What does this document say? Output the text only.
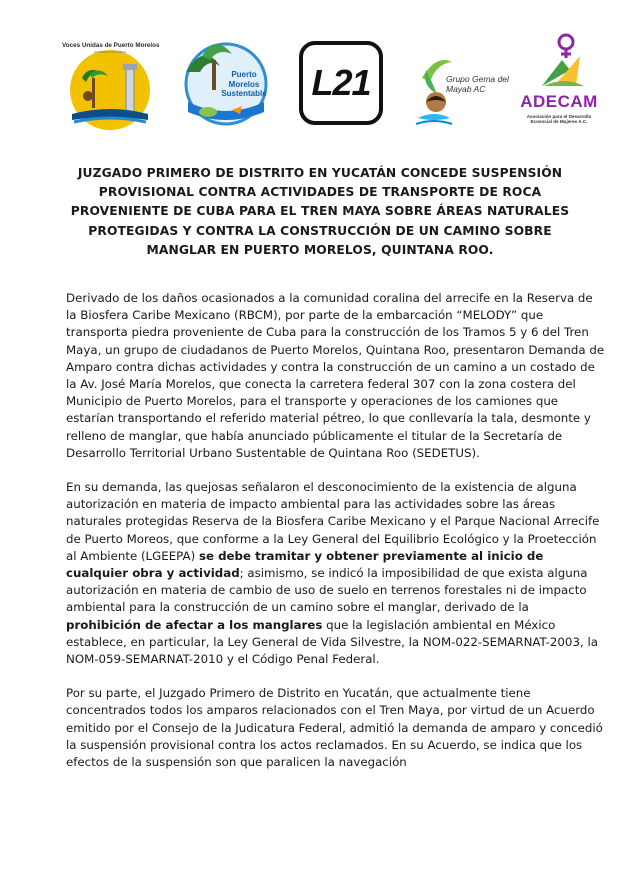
Voces Unidas de Puerto Morelos
Asociación Ciudadana
Puerto Morelos Sustentable	L21	Grupo Gema del Mayab AC
ADECAM
Asociación para el Desarrollo Ecosocial de Mujeres A.C.
JUZGADO PRIMERO DE DISTRITO EN YUCATÁN CONCEDE SUSPENSIÓN PROVISIONAL CONTRA ACTIVIDADES DE TRANSPORTE DE ROCA PROVENIENTE DE CUBA PARA EL TREN MAYA SOBRE ÁREAS NATURALES PROTEGIDAS Y CONTRA LA CONSTRUCCIÓN DE UN CAMINO SOBRE MANGLAR EN PUERTO MORELOS, QUINTANA ROO.

Derivado de los daños ocasionados a la comunidad coralina del arrecife en la Reserva de la Biosfera Caribe Mexicano (RBCM), por parte de la embarcación “MELODY” que transporta piedra proveniente de Cuba para la construcción de los Tramos 5 y 6 del Tren Maya, un grupo de ciudadanos de Puerto Morelos, Quintana Roo, presentaron Demanda de Amparo contra dichas actividades y contra la construcción de un camino a un costado de la Av. José María Morelos, que conecta la carretera federal 307 con la zona costera del Municipio de Puerto Morelos, para el transporte y operaciones de los camiones que estarían transportando el referido material pétreo, lo que conllevaría la tala, desmonte y relleno de manglar, que había anunciado públicamente el titular de la Secretaría de Desarrollo Territorial Urbano Sustentable de Quintana Roo (SEDETUS).

En su demanda, las quejosas señalaron el desconocimiento de la existencia de alguna autorización en materia de impacto ambiental para las actividades sobre las áreas naturales protegidas Reserva de la Biosfera Caribe Mexicano y el Parque Nacional Arrecife de Puerto Moreos, que conforme a la Ley General del Equilibrio Ecológico y la Proetección al Ambiente (LGEEPA) se debe tramitar y obtener previamente al inicio de cualquier obra y actividad; asimismo, se indicó la imposibilidad de que exista alguna autorización en materia de cambio de uso de suelo en terrenos forestales ni de impacto ambiental para la construcción de un camino sobre el manglar, derivado de la prohibición de afectar a los manglares que la legislación ambiental en México establece, en particular, la Ley General de Vida Silvestre, la NOM-022-SEMARNAT-2003, la NOM-059-SEMARNAT-2010 y el Código Penal Federal.

Por su parte, el Juzgado Primero de Distrito en Yucatán, que actualmente tiene concentrados todos los amparos relacionados con el Tren Maya, por virtud de un Acuerdo emitido por el Consejo de la Judicatura Federal, admitió la demanda de amparo y concedió la suspensión provisional contra los actos reclamados. En su Acuerdo, se indica que los efectos de la suspensión son que paralicen la navegación
